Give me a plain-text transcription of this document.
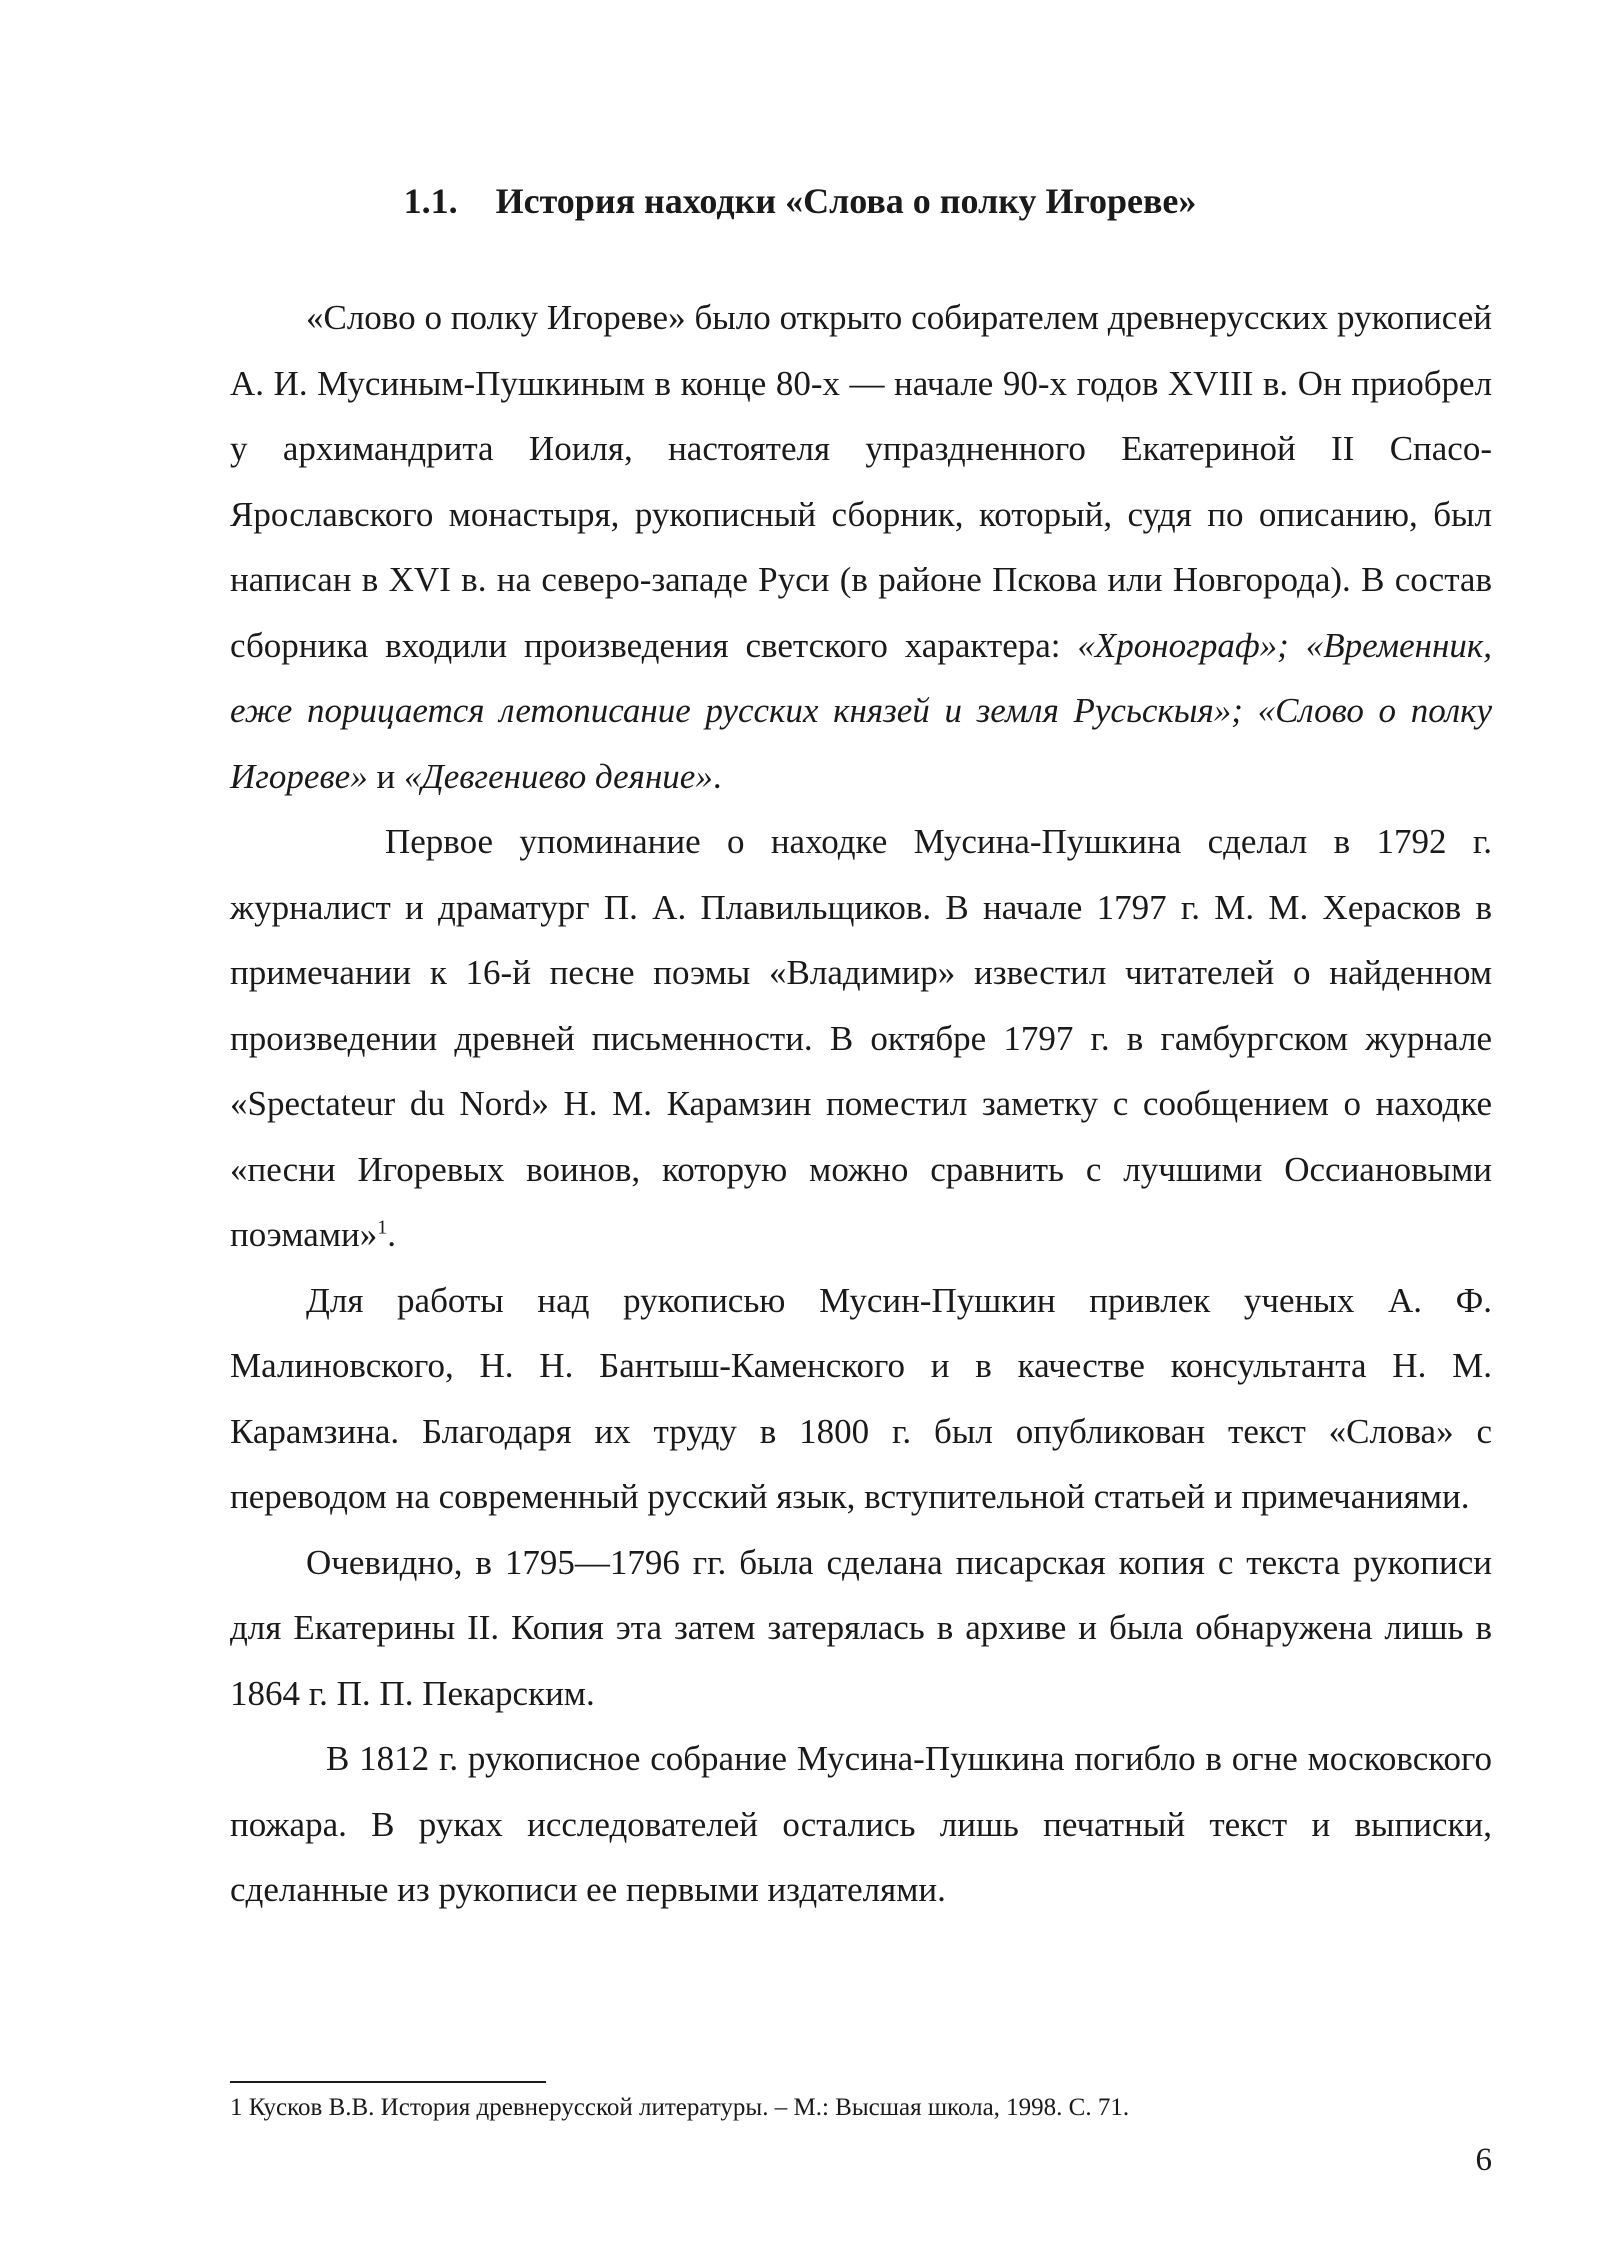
1.1. История находки «Слова о полку Игореве»

«Слово о полку Игореве» было открыто собирателем древнерусских рукописей А. И. Мусиным-Пушкиным в конце 80-х — начале 90-х годов XVIII в. Он приобрел у архимандрита Иоиля, настоятеля упраздненного Екатериной II Спасо-Ярославского монастыря, рукописный сборник, который, судя по описанию, был написан в XVI в. на северо-западе Руси (в районе Пскова или Новгорода). В состав сборника входили произведения светского характера: «Хронограф»; «Временник, еже порицается летописание русских князей и земля Русьскыя»; «Слово о полку Игореве» и «Девгениево деяние».

Первое упоминание о находке Мусина-Пушкина сделал в 1792 г. журналист и драматург П. А. Плавильщиков. В начале 1797 г. М. М. Херасков в примечании к 16-й песне поэмы «Владимир» известил читателей о найденном произведении древней письменности. В октябре 1797 г. в гамбургском журнале «Spectateur du Nord» Н. М. Карамзин поместил заметку с сообщением о находке «песни Игоревых воинов, которую можно сравнить с лучшими Оссиановыми поэмами»$^1$.

Для работы над рукописью Мусин-Пушкин привлек ученых А. Ф. Малиновского, Н. Н. Бантыш-Каменского и в качестве консультанта Н. М. Карамзина. Благодаря их труду в 1800 г. был опубликован текст «Слова» с переводом на современный русский язык, вступительной статьей и примечаниями.

Очевидно, в 1795—1796 гг. была сделана писарская копия с текста рукописи для Екатерины II. Копия эта затем затерялась в архиве и была обнаружена лишь в 1864 г. П. П. Пекарским.

В 1812 г. рукописное собрание Мусина-Пушкина погибло в огне московского пожара. В руках исследователей остались лишь печатный текст и выписки, сделанные из рукописи ее первыми издателями.

1 Кусков В.В. История древнерусской литературы. – М.: Высшая школа, 1998. С. 71.
6
